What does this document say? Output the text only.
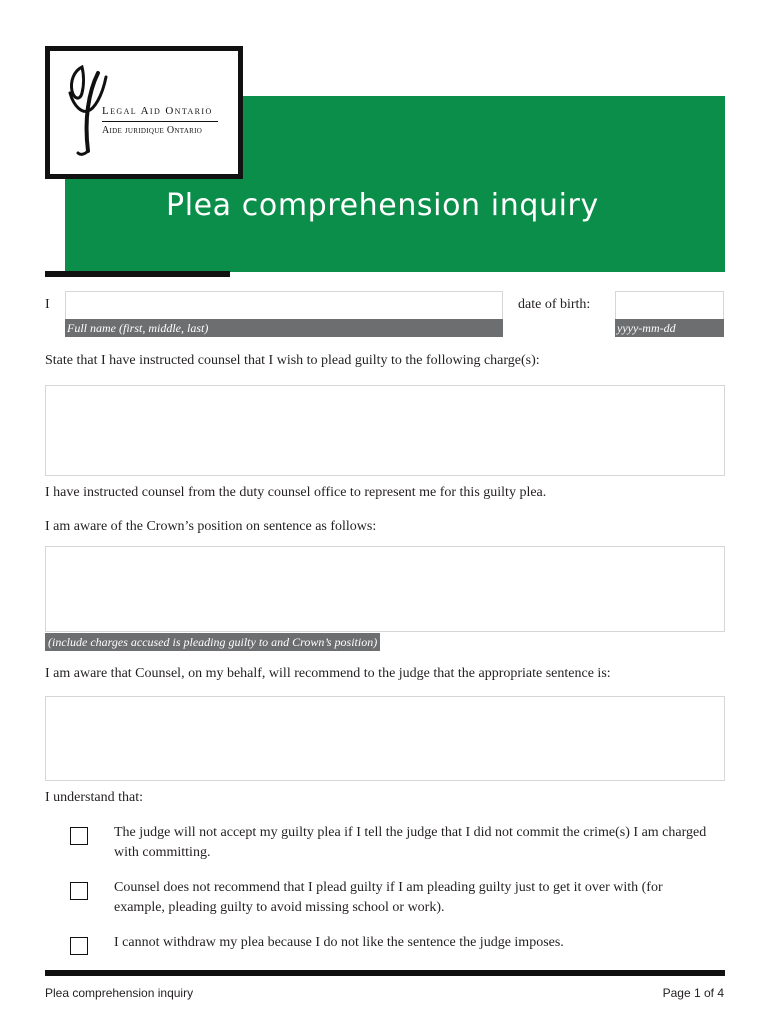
Legal Aid Ontario
Aide juridique Ontario
Plea comprehension inquiry
I
Full name (first, middle, last)
date of birth:
yyyy-mm-dd
State that I have instructed counsel that I wish to plead guilty to the following charge(s):
I have instructed counsel from the duty counsel office to represent me for this guilty plea.
I am aware of the Crown’s position on sentence as follows:
(include charges accused is pleading guilty to and Crown’s position)
I am aware that Counsel, on my behalf, will recommend to the judge that the appropriate sentence is:
I understand that:
The judge will not accept my guilty plea if I tell the judge that I did not commit the crime(s) I am charged with committing.
Counsel does not recommend that I plead guilty if I am pleading guilty just to get it over with (for example, pleading guilty to avoid missing school or work).
I cannot withdraw my plea because I do not like the sentence the judge imposes.
Plea comprehension inquiry	Page 1 of 4
